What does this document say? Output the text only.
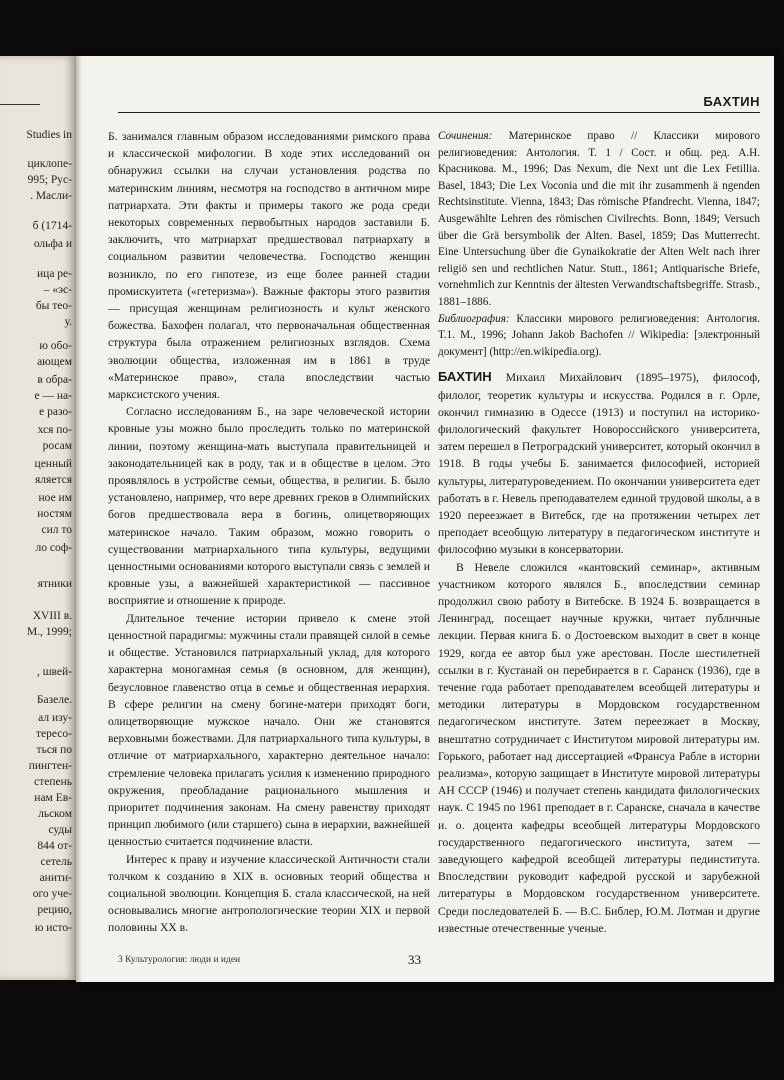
Studies in
циклопе-
995; Рус-
. Масли-
б (1714-
ольфа и
ица ре-
– «эс-
бы тео-
у.
ю обо-
ающем
в обра-
е — на-
е разо-
хся по-
росам
ценный
яляется
ное им
ностям
сил то
ло соф-
ятники
XVIII в.
М., 1999;
, швей-
Базеле.
ал изу-
тересо-
ться по
пингтен-
степень
нам Ев-
льском
суды
844 от-
сетель
анити-
ого уче-
рецию,
ю исто-
БАХТИН

Б. занимался главным образом исследованиями римского права и классической мифологии. В ходе этих исследований он обнаружил ссылки на случаи установления родства по материнским линиям, несмотря на господство в античном мире патриархата. Эти факты и примеры такого же рода среди некоторых современных первобытных народов заставили Б. заключить, что матриархат предшествовал патриархату в социальном развитии человечества. Господство женщин возникло, по его гипотезе, из еще более ранней стадии промискуитета («гетеризма»). Важные факторы этого развития — присущая женщинам религиозность и культ женского божества. Бахофен полагал, что первоначальная общественная структура была отражением религиозных взглядов. Схема эволюции общества, изложенная им в 1861 в труде «Материнское право», стала впоследствии частью марксистского учения.

Согласно исследованиям Б., на заре человеческой истории кровные узы можно было проследить только по материнской линии, поэтому женщина-мать выступала правительницей и законодательницей как в роду, так и в обществе в целом. Это проявлялось в устройстве семьи, общества, в религии. Б. было установлено, например, что вере древних греков в Олимпийских богов предшествовала вера в богинь, олицетворяющих материнское начало. Таким образом, можно говорить о существовании матриархального типа культуры, ведущими ценностными основаниями которого выступали связь с землей и кровные узы, а важнейшей характеристикой — пассивное восприятие и отношение к природе.

Длительное течение истории привело к смене этой ценностной парадигмы: мужчины стали правящей силой в семье и обществе. Установился патриархальный уклад, для которого характерна моногамная семья (в основном, для женщин), безусловное главенство отца в семье и общественная иерархия. В сфере религии на смену богине-матери приходят боги, олицетворяющие мужское начало. Они же становятся верховными божествами. Для патриархального типа культуры, в отличие от матриархального, характерно деятельное начало: стремление человека прилагать усилия к изменению природного окружения, преобладание рационального мышления и приоритет подчинения законам. На смену равенству приходят принцип любимого (или старшего) сына в иерархии, важнейшей ценностью считается подчинение власти.

Интерес к праву и изучение классической Античности стали толчком к созданию в XIX в. основных теорий общества и социальной эволюции. Концепция Б. стала классической, на ней основывались многие антропологические теории XIX и первой половины XX в.

Сочинения: Материнское право // Классики мирового религиоведения: Антология. Т. 1 / Сост. и общ. ред. А.Н. Красникова. М., 1996; Das Nexum, die Next unt die Lex Fetillia. Basel, 1843; Die Lex Voconia und die mit ihr zusammenh ä ngenden Rechtsinstitute. Vienna, 1843; Das römische Pfandrecht. Vienna, 1847; Ausgewählte Lehren des römischen Civilrechts. Bonn, 1849; Versuch über die Grä bersymbolik der Alten. Basel, 1859; Das Mutterrecht. Eine Untersuchung über die Gynaikokratie der Alten Welt nach ihrer religiö sen und rechtlichen Natur. Stutt., 1861; Antiquarische Briefe, vornehmlich zur Kenntnis der ältesten Verwandtschaftsbegriffe. Strasb., 1881–1886.

Библиография: Классики мирового религиоведения: Антология. Т.1. М., 1996; Johann Jakob Bachofen // Wikipedia: [электронный документ] (http://en.wikipedia.org).

БАХТИН Михаил Михайлович (1895–1975), философ, филолог, теоретик культуры и искусства. Родился в г. Орле, окончил гимназию в Одессе (1913) и поступил на историко-филологический факультет Новороссийского университета, затем перешел в Петроградский университет, который окончил в 1918. В годы учебы Б. занимается философией, историей культуры, литературоведением. По окончании университета едет работать в г. Невель преподавателем единой трудовой школы, а в 1920 переезжает в Витебск, где на протяжении четырех лет преподает всеобщую литературу в педагогическом институте и философию музыки в консерватории.

В Невеле сложился «кантовский семинар», активным участником которого являлся Б., впоследствии семинар продолжил свою работу в Витебске. В 1924 Б. возвращается в Ленинград, посещает научные кружки, читает публичные лекции. Первая книга Б. о Достоевском выходит в свет в конце 1929, когда ее автор был уже арестован. После шестилетней ссылки в г. Кустанай он перебирается в г. Саранск (1936), где в течение года работает преподавателем всеобщей литературы и методики литературы в Мордовском государственном педагогическом институте. Затем переезжает в Москву, внештатно сотрудничает с Институтом мировой литературы им. Горького, работает над диссертацией «Франсуа Рабле в истории реализма», которую защищает в Институте мировой литературы АН СССР (1946) и получает степень кандидата филологических наук. С 1945 по 1961 преподает в г. Саранске, сначала в качестве и. о. доцента кафедры всеобщей литературы Мордовского государственного педагогического института, затем — заведующего кафедрой всеобщей литературы пединститута. Впоследствии руководит кафедрой русской и зарубежной литературы в Мордовском государственном университете. Среди последователей Б. — В.С. Библер, Ю.М. Лотман и другие известные отечественные ученые.

3 Культурология: люди и идеи	33
